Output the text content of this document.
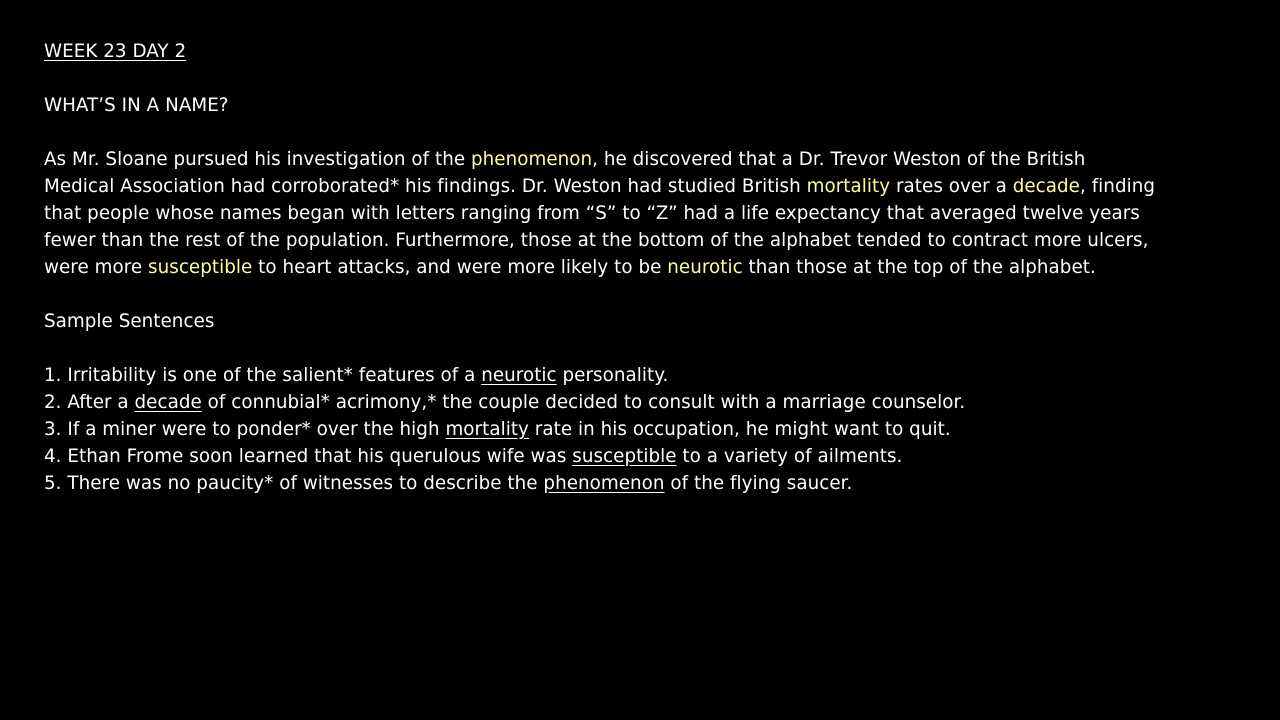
WEEK 23 DAY 2
WHAT’S IN A NAME?
As Mr. Sloane pursued his investigation of the phenomenon, he discovered that a Dr. Trevor Weston of the British
Medical Association had corroborated* his findings. Dr. Weston had studied British mortality rates over a decade, finding
that people whose names began with letters ranging from “S” to “Z” had a life expectancy that averaged twelve years
fewer than the rest of the population. Furthermore, those at the bottom of the alphabet tended to contract more ulcers,
were more susceptible to heart attacks, and were more likely to be neurotic than those at the top of the alphabet.
Sample Sentences
1. Irritability is one of the salient* features of a neurotic personality.
2. After a decade of connubial* acrimony,* the couple decided to consult with a marriage counselor.
3. If a miner were to ponder* over the high mortality rate in his occupation, he might want to quit.
4. Ethan Frome soon learned that his querulous wife was susceptible to a variety of ailments.
5. There was no paucity* of witnesses to describe the phenomenon of the flying saucer.
